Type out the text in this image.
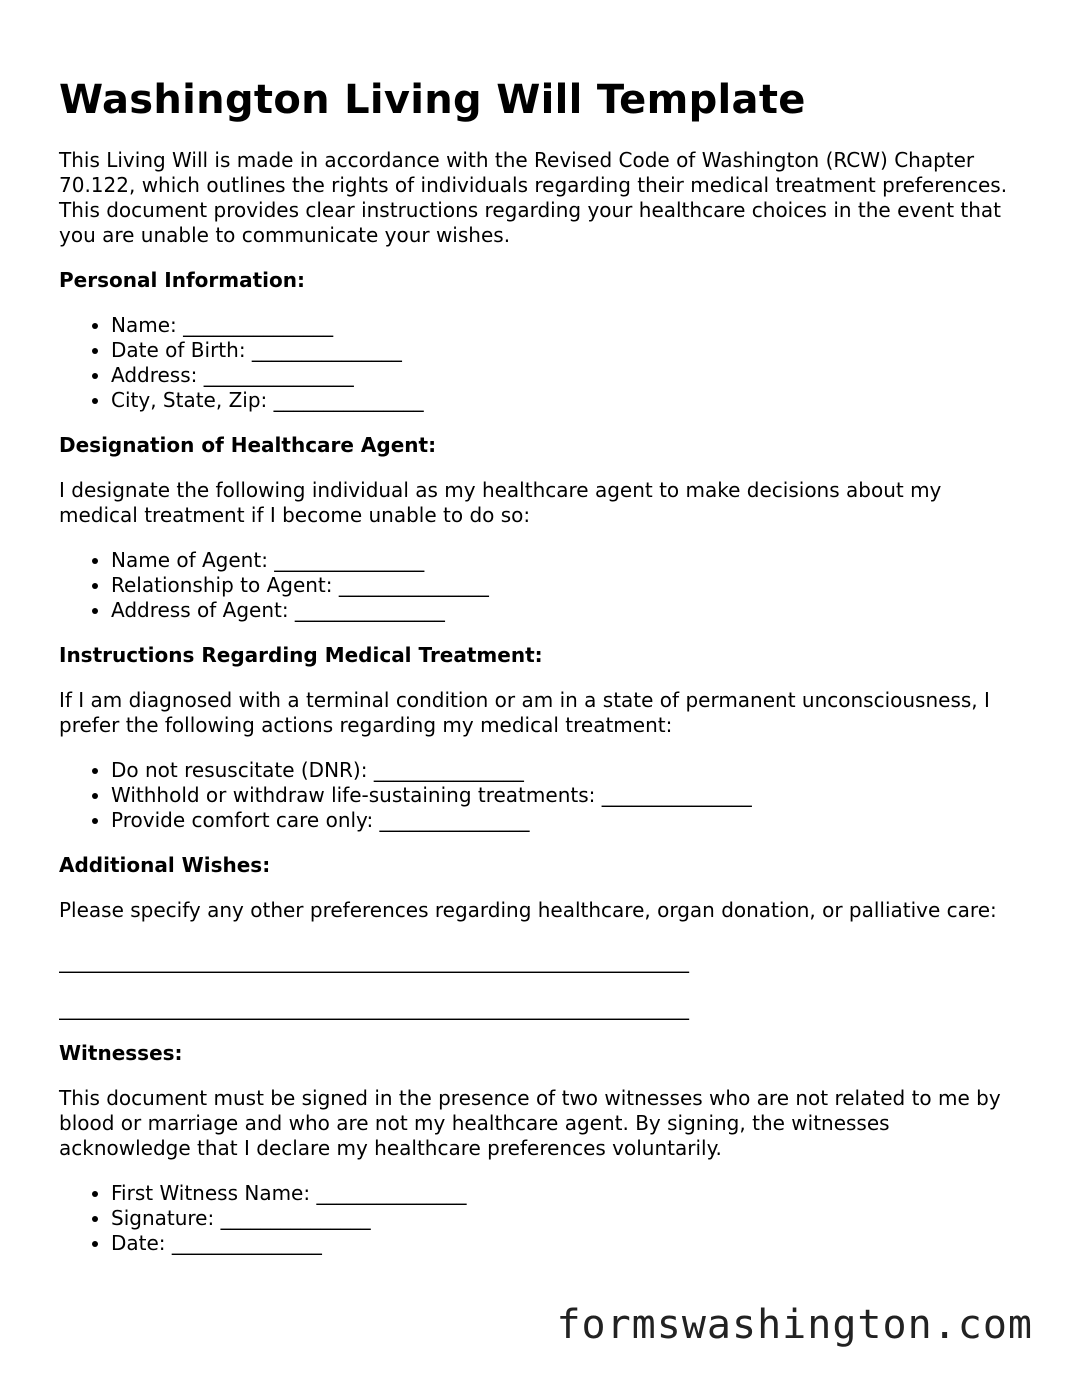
Washington Living Will Template

This Living Will is made in accordance with the Revised Code of Washington (RCW) Chapter 70.122, which outlines the rights of individuals regarding their medical treatment preferences. This document provides clear instructions regarding your healthcare choices in the event that you are unable to communicate your wishes.

Personal Information:
• Name: _______________
• Date of Birth: _______________
• Address: _______________
• City, State, Zip: _______________
Designation of Healthcare Agent:

I designate the following individual as my healthcare agent to make decisions about my medical treatment if I become unable to do so:

• Name of Agent: _______________
• Relationship to Agent: _______________
• Address of Agent: _______________
Instructions Regarding Medical Treatment:

If I am diagnosed with a terminal condition or am in a state of permanent unconsciousness, I prefer the following actions regarding my medical treatment:

• Do not resuscitate (DNR): _______________
• Withhold or withdraw life-sustaining treatments: _______________
• Provide comfort care only: _______________
Additional Wishes:

Please specify any other preferences regarding healthcare, organ donation, or palliative care:

_______________________________________________________________
_______________________________________________________________
Witnesses:

This document must be signed in the presence of two witnesses who are not related to me by blood or marriage and who are not my healthcare agent. By signing, the witnesses acknowledge that I declare my healthcare preferences voluntarily.

• First Witness Name: _______________
• Signature: _______________
• Date: _______________
formswashington.com
